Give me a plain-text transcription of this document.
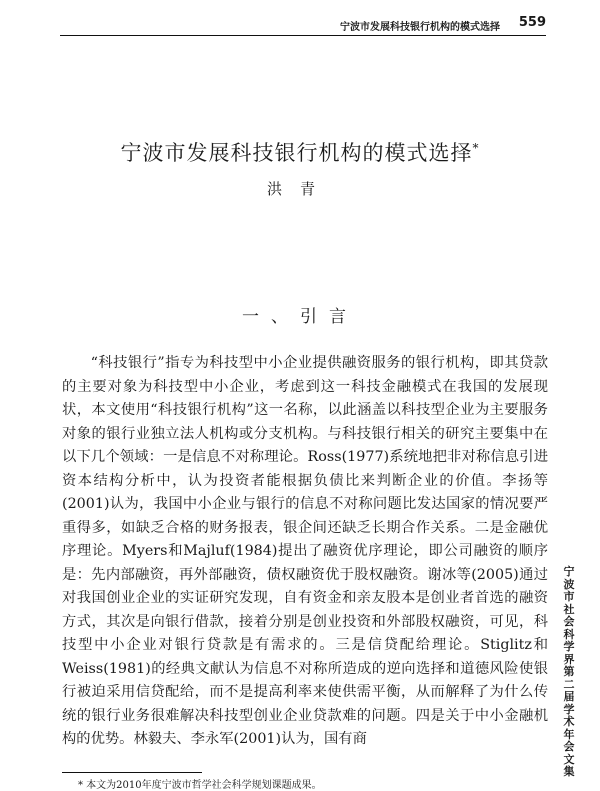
宁波市发展科技银行机构的模式选择 559
宁波市发展科技银行机构的模式选择*
洪青
一、引言

“科技银行”指专为科技型中小企业提供融资服务的银行机构，即其贷款的主要对象为科技型中小企业，考虑到这一科技金融模式在我国的发展现状，本文使用“科技银行机构”这一名称，以此涵盖以科技型企业为主要服务对象的银行业独立法人机构或分支机构。与科技银行相关的研究主要集中在以下几个领域：一是信息不对称理论。Ross(1977)系统地把非对称信息引进资本结构分析中，认为投资者能根据负债比来判断企业的价值。李扬等(2001)认为，我国中小企业与银行的信息不对称问题比发达国家的情况要严重得多，如缺乏合格的财务报表，银企间还缺乏长期合作关系。二是金融优序理论。Myers和Majluf(1984)提出了融资优序理论，即公司融资的顺序是：先内部融资，再外部融资，债权融资优于股权融资。谢冰等(2005)通过对我国创业企业的实证研究发现，自有资金和亲友股本是创业者首选的融资方式，其次是向银行借款，接着分别是创业投资和外部股权融资，可见，科技型中小企业对银行贷款是有需求的。三是信贷配给理论。Stiglitz和Weiss(1981)的经典文献认为信息不对称所造成的逆向选择和道德风险使银行被迫采用信贷配给，而不是提高利率来使供需平衡，从而解释了为什么传统的银行业务很难解决科技型创业企业贷款难的问题。四是关于中小金融机构的优势。林毅夫、李永军(2001)认为，国有商

* 本文为2010年度宁波市哲学社会科学规划课题成果。
宁波市社会科学界第二届学术年会文集
